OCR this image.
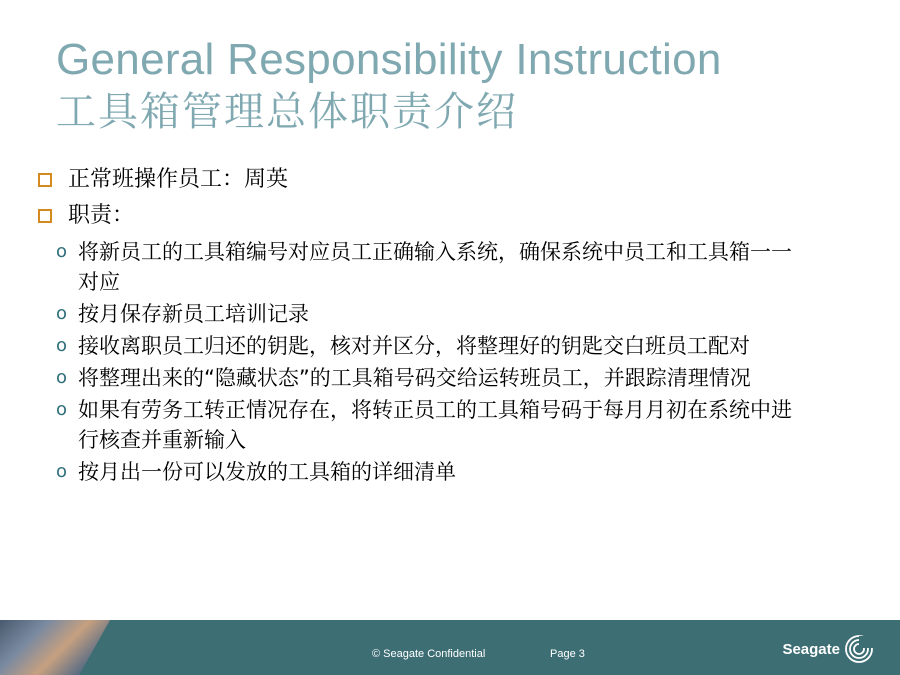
General Responsibility Instruction
工具箱管理总体职责介绍
正常班操作员工：周英
职责：
o 将新员工的工具箱编号对应员工正确输入系统，确保系统中员工和工具箱一一对应
o 按月保存新员工培训记录
o 接收离职员工归还的钥匙，核对并区分，将整理好的钥匙交白班员工配对
o 将整理出来的“隐藏状态”的工具箱号码交给运转班员工，并跟踪清理情况
o 如果有劳务工转正情况存在，将转正员工的工具箱号码于每月月初在系统中进行核查并重新输入
o 按月出一份可以发放的工具箱的详细清单
© Seagate Confidential	Page 3	Seagate
